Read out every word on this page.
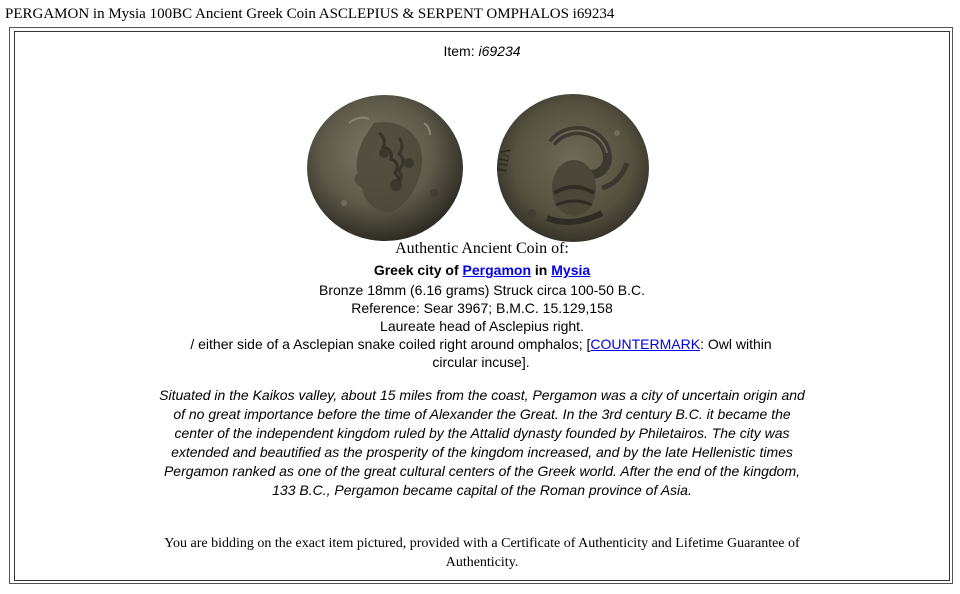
PERGAMON in Mysia 100BC Ancient Greek Coin ASCLEPIUS & SERPENT OMPHALOS i69234
Item: i69234
ΠΙΛ
Authentic Ancient Coin of:
Greek city of Pergamon in Mysia
Bronze 18mm (6.16 grams) Struck circa 100-50 B.C.
Reference: Sear 3967; B.M.C. 15.129,158
Laureate head of Asclepius right.
/ either side of a Asclepian snake coiled right around omphalos; [COUNTERMARK: Owl within circular incuse].
Situated in the Kaikos valley, about 15 miles from the coast, Pergamon was a city of uncertain origin and of no great importance before the time of Alexander the Great. In the 3rd century B.C. it became the center of the independent kingdom ruled by the Attalid dynasty founded by Philetairos. The city was extended and beautified as the prosperity of the kingdom increased, and by the late Hellenistic times Pergamon ranked as one of the great cultural centers of the Greek world. After the end of the kingdom, 133 B.C., Pergamon became capital of the Roman province of Asia.
You are bidding on the exact item pictured, provided with a Certificate of Authenticity and Lifetime Guarantee of Authenticity.
